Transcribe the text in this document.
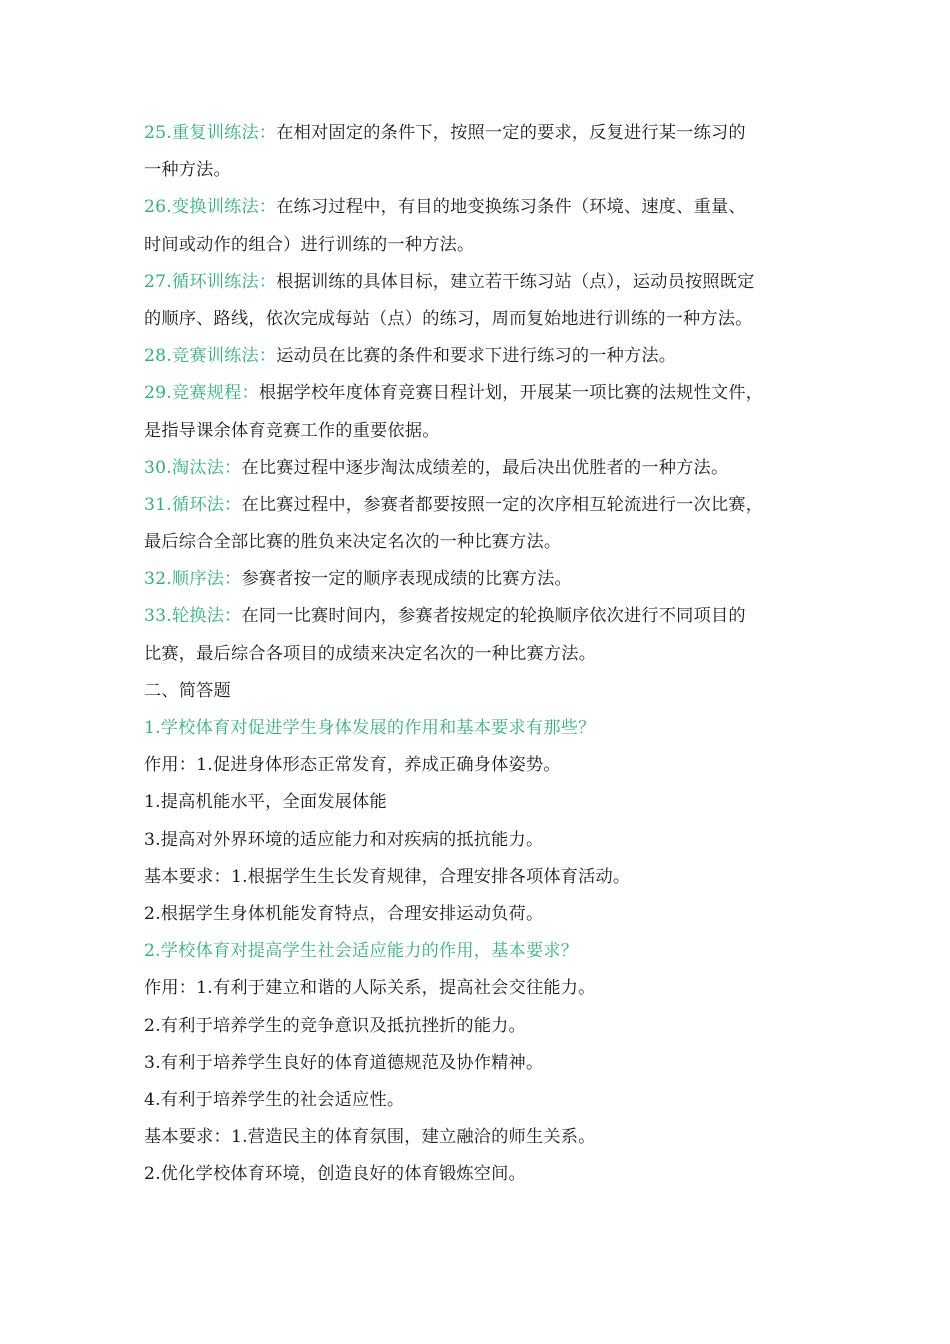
25.重复训练法：在相对固定的条件下，按照一定的要求，反复进行某一练习的
一种方法。
26.变换训练法：在练习过程中，有目的地变换练习条件（环境、速度、重量、
时间或动作的组合）进行训练的一种方法。
27.循环训练法：根据训练的具体目标，建立若干练习站（点），运动员按照既定
的顺序、路线，依次完成每站（点）的练习，周而复始地进行训练的一种方法。
28.竞赛训练法：运动员在比赛的条件和要求下进行练习的一种方法。
29.竞赛规程：根据学校年度体育竞赛日程计划，开展某一项比赛的法规性文件，
是指导课余体育竞赛工作的重要依据。
30.淘汰法：在比赛过程中逐步淘汰成绩差的，最后决出优胜者的一种方法。
31.循环法：在比赛过程中，参赛者都要按照一定的次序相互轮流进行一次比赛，
最后综合全部比赛的胜负来决定名次的一种比赛方法。
32.顺序法：参赛者按一定的顺序表现成绩的比赛方法。
33.轮换法：在同一比赛时间内，参赛者按规定的轮换顺序依次进行不同项目的
比赛，最后综合各项目的成绩来决定名次的一种比赛方法。
二、简答题
1.学校体育对促进学生身体发展的作用和基本要求有那些？
作用：1.促进身体形态正常发育，养成正确身体姿势。
1.提高机能水平，全面发展体能
3.提高对外界环境的适应能力和对疾病的抵抗能力。
基本要求：1.根据学生生长发育规律，合理安排各项体育活动。
2.根据学生身体机能发育特点，合理安排运动负荷。
2.学校体育对提高学生社会适应能力的作用，基本要求？
作用：1.有利于建立和谐的人际关系，提高社会交往能力。
2.有利于培养学生的竞争意识及抵抗挫折的能力。
3.有利于培养学生良好的体育道德规范及协作精神。
4.有利于培养学生的社会适应性。
基本要求：1.营造民主的体育氛围，建立融洽的师生关系。
2.优化学校体育环境，创造良好的体育锻炼空间。
